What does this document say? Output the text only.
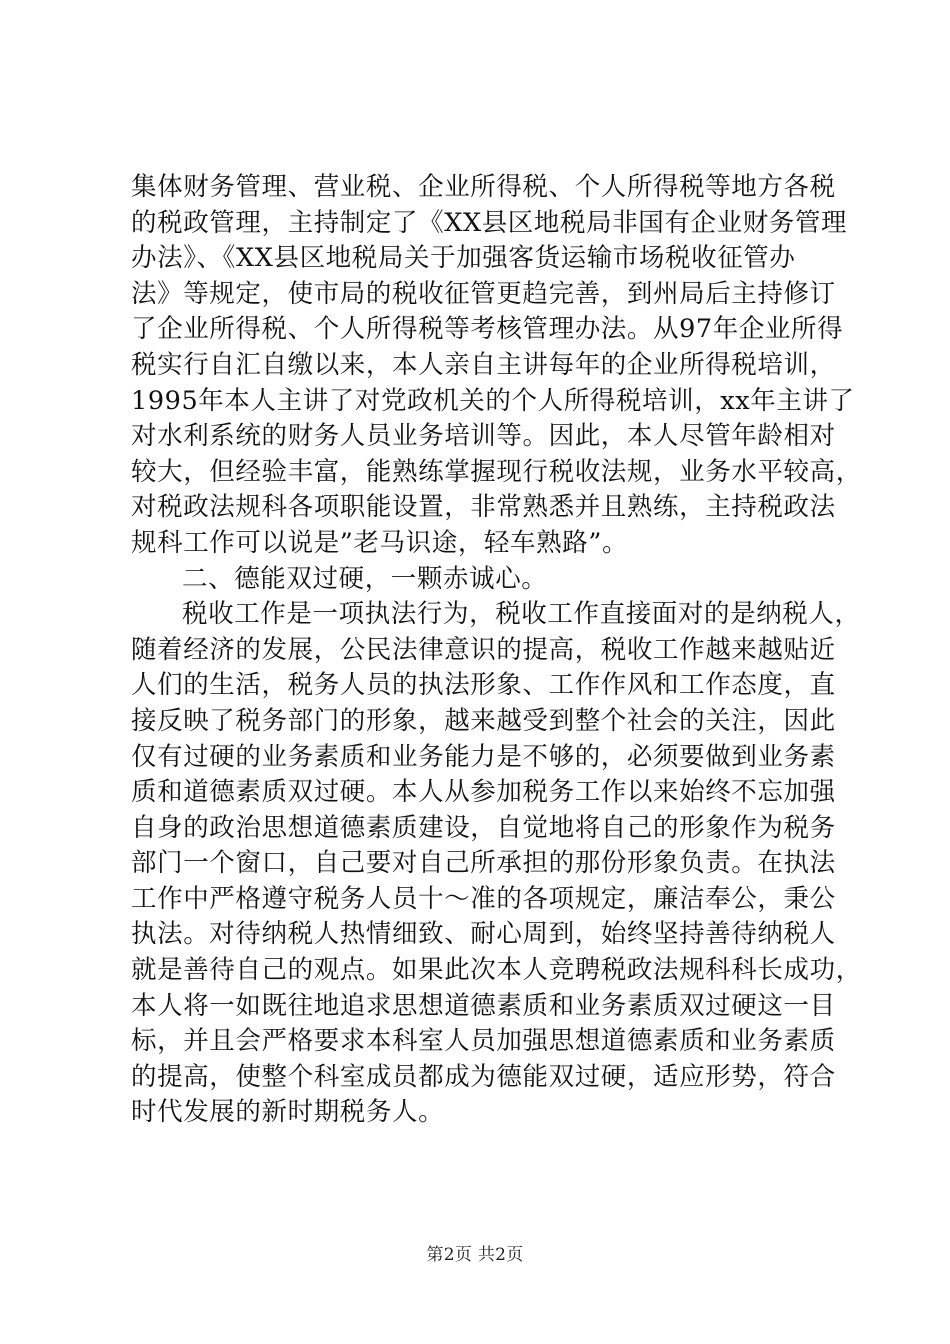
集体财务管理、营业税、企业所得税、个人所得税等地方各税
的税政管理，主持制定了《XX县区地税局非国有企业财务管理
办法》、《XX县区地税局关于加强客货运输市场税收征管办
法》等规定，使市局的税收征管更趋完善，到州局后主持修订
了企业所得税、个人所得税等考核管理办法。从97年企业所得
税实行自汇自缴以来，本人亲自主讲每年的企业所得税培训，
1995年本人主讲了对党政机关的个人所得税培训，xx年主讲了
对水利系统的财务人员业务培训等。因此，本人尽管年龄相对
较大，但经验丰富，能熟练掌握现行税收法规，业务水平较高，
对税政法规科各项职能设置，非常熟悉并且熟练，主持税政法
规科工作可以说是”老马识途，轻车熟路”。
二、德能双过硬，一颗赤诚心。
税收工作是一项执法行为，税收工作直接面对的是纳税人，
随着经济的发展，公民法律意识的提高，税收工作越来越贴近
人们的生活，税务人员的执法形象、工作作风和工作态度，直
接反映了税务部门的形象，越来越受到整个社会的关注，因此
仅有过硬的业务素质和业务能力是不够的，必须要做到业务素
质和道德素质双过硬。本人从参加税务工作以来始终不忘加强
自身的政治思想道德素质建设，自觉地将自己的形象作为税务
部门一个窗口，自己要对自己所承担的那份形象负责。在执法
工作中严格遵守税务人员十～准的各项规定，廉洁奉公，秉公
执法。对待纳税人热情细致、耐心周到，始终坚持善待纳税人
就是善待自己的观点。如果此次本人竞聘税政法规科科长成功，
本人将一如既往地追求思想道德素质和业务素质双过硬这一目
标，并且会严格要求本科室人员加强思想道德素质和业务素质
的提高，使整个科室成员都成为德能双过硬，适应形势，符合
时代发展的新时期税务人。
第2页 共2页
